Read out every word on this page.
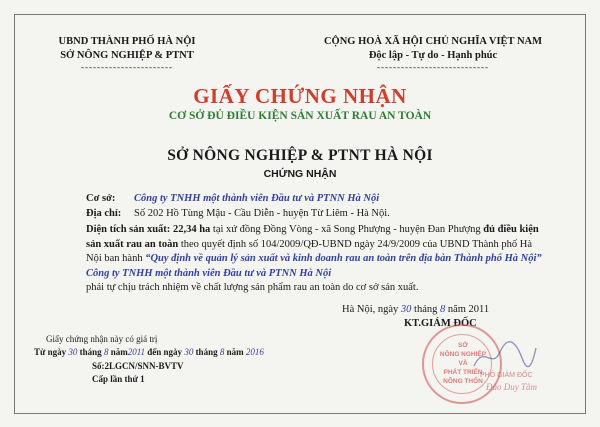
UBND THÀNH PHỐ HÀ NỘI
SỞ NÔNG NGHIỆP & PTNT
-----------------------
CỘNG HOÀ XÃ HỘI CHỦ NGHĨA VIỆT NAM
Độc lập - Tự do - Hạnh phúc
----------------------------
GIẤY CHỨNG NHẬN
CƠ SỞ ĐỦ ĐIỀU KIỆN SẢN XUẤT RAU AN TOÀN
SỞ NÔNG NGHIỆP & PTNT HÀ NỘI
CHỨNG NHẬN
Cơ sở: Công ty TNHH một thành viên Đầu tư và PTNN Hà Nội
Địa chỉ: Số 202 Hồ Tùng Mậu - Cầu Diễn - huyện Từ Liêm - Hà Nội.
Diện tích sản xuất: 22,34 ha tại xứ đồng Đồng Vòng - xã Song Phượng - huyện Đan Phượng đủ điều kiện
sản xuất rau an toàn theo quyết định số 104/2009/QĐ-UBND ngày 24/9/2009 của UBND Thành phố Hà
Nội ban hành “Quy định về quản lý sản xuất và kinh doanh rau an toàn trên địa bàn Thành phố Hà Nội”
Công ty TNHH một thành viên Đầu tư và PTNN Hà Nội
phải tự chịu trách nhiệm về chất lượng sản phẩm rau an toàn do cơ sở sản xuất.
Hà Nội, ngày 30 tháng 8 năm 2011
KT.GIÁM ĐỐC
SỞ
NÔNG NGHIỆP
VÀ
PHÁT TRIỂN
NÔNG THÔN
PHÓ GIÁM ĐỐC
Đào Duy Tâm
Giấy chứng nhận này có giá trị
Từ ngày 30 tháng 8 năm2011 đến ngày 30 tháng 8 năm 2016
Số:2LGCN/SNN-BVTV
Cấp lần thứ 1
